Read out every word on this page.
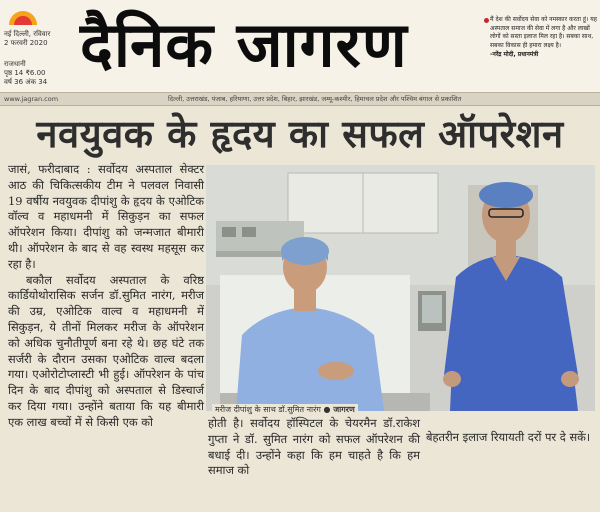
नई दिल्ली, रविवार
2 फरवरी 2020
राजधानी
पृष्ठ 14 ₹6.00
वर्ष 36 अंक 34
दैनिक जागरण	मैं देश की सर्वोदय सेवा को नमस्कार करता हूं। यह अस्पताल समाज की सेवा में लगा है और लाखों लोगों को सस्ता इलाज मिल रहा है। सबका साथ, सबका विकास ही हमारा लक्ष्य है।
-नरेंद्र मोदी, प्रधानमंत्री
www.jagran.com	दिल्ली, उत्तराखंड, पंजाब, हरियाणा, उत्तर प्रदेश, बिहार, झारखंड, जम्मू-कश्मीर, हिमाचल प्रदेश और पश्चिम बंगाल से प्रकाशित
नवयुवक के हृदय का सफल ऑपरेशन

जासं, फरीदाबाद : सर्वोदय अस्पताल सेक्टर आठ की चिकित्सकीय टीम ने पलवल निवासी 19 वर्षीय नवयुवक दीपांशु के हृदय के एओटिक वॉल्व व महाधमनी में सिकुड़न का सफल ऑपरेशन किया। दीपांशु को जन्मजात बीमारी थी। ऑपरेशन के बाद से वह स्वस्थ महसूस कर रहा है।

बकौल सर्वोदय अस्पताल के वरिष्ठ कार्डियोथोरासिक सर्जन डॉ.सुमित नारंग, मरीज की उम्र, एओटिक वाल्व व महाधमनी में सिकुड़न, ये तीनों मिलकर मरीज के ऑपरेशन को अधिक चुनौतीपूर्ण बना रहे थे। छह घंटे तक सर्जरी के दौरान उसका एओटिक वाल्व बदला गया। एओरोटोप्लास्टी भी हुई। ऑपरेशन के पांच दिन के बाद दीपांशु को अस्पताल से डिस्चार्ज कर दिया गया। उन्होंने बताया कि यह बीमारी एक लाख बच्चों में से किसी एक को

मरीज दीपांशु के साथ डॉ.सुमित नारंग ● जागरण

होती है। सर्वोदय हॉस्पिटल के चेयरमैन डॉ.राकेश गुप्ता ने डॉ. सुमित नारंग को सफल ऑपरेशन की बधाई दी। उन्होंने कहा कि हम चाहते है कि हम समाज को

बेहतरीन इलाज रियायती दरों पर दे सकें।
